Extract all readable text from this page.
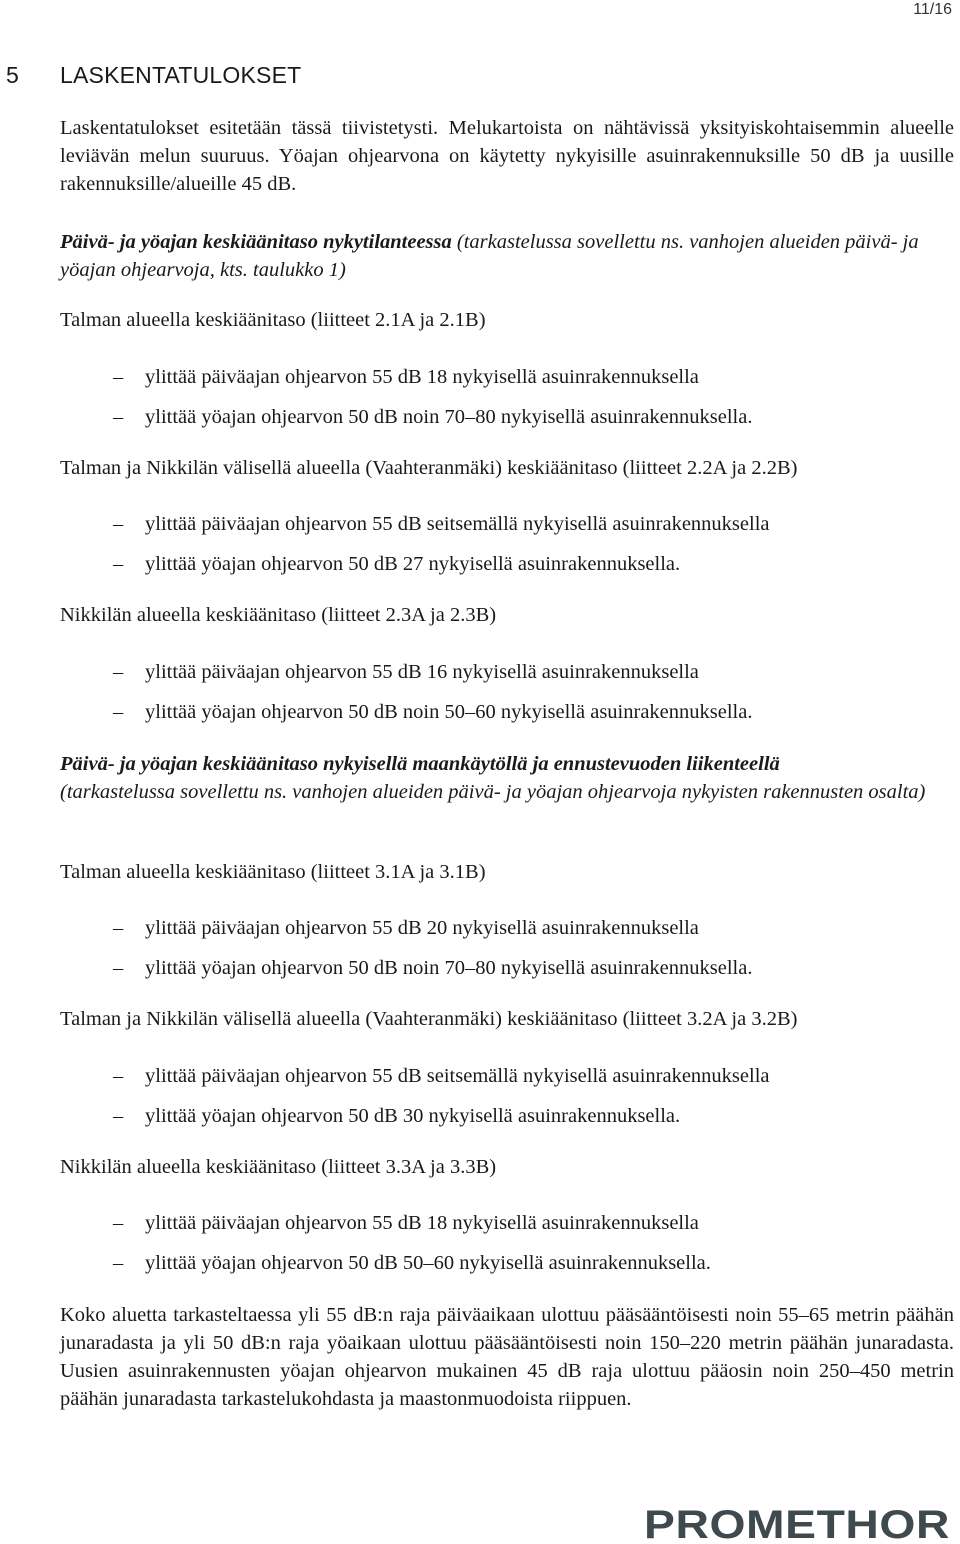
11/16
5 LASKENTATULOKSET

Laskentatulokset esitetään tässä tiivistetysti. Melukartoista on nähtävissä yksityiskohtaisemmin alueelle leviävän melun suuruus. Yöajan ohjearvona on käytetty nykyisille asuinrakennuksille 50 dB ja uusille rakennuksille/alueille 45 dB.

Päivä- ja yöajan keskiäänitaso nykytilanteessa (tarkastelussa sovellettu ns. vanhojen alueiden päivä- ja yöajan ohjearvoja, kts. taulukko 1)

Talman alueella keskiäänitaso (liitteet 2.1A ja 2.1B)

–	ylittää päiväajan ohjearvon 55 dB 18 nykyisellä asuinrakennuksella
–	ylittää yöajan ohjearvon 50 dB noin 70–80 nykyisellä asuinrakennuksella.

Talman ja Nikkilän välisellä alueella (Vaahteranmäki) keskiäänitaso (liitteet 2.2A ja 2.2B)

–	ylittää päiväajan ohjearvon 55 dB seitsemällä nykyisellä asuinrakennuksella
–	ylittää yöajan ohjearvon 50 dB 27 nykyisellä asuinrakennuksella.

Nikkilän alueella keskiäänitaso (liitteet 2.3A ja 2.3B)

–	ylittää päiväajan ohjearvon 55 dB 16 nykyisellä asuinrakennuksella
–	ylittää yöajan ohjearvon 50 dB noin 50–60 nykyisellä asuinrakennuksella.

Päivä- ja yöajan keskiäänitaso nykyisellä maankäytöllä ja ennustevuoden liikenteellä
(tarkastelussa sovellettu ns. vanhojen alueiden päivä- ja yöajan ohjearvoja nykyisten rakennusten osalta)

Talman alueella keskiäänitaso (liitteet 3.1A ja 3.1B)

–	ylittää päiväajan ohjearvon 55 dB 20 nykyisellä asuinrakennuksella
–	ylittää yöajan ohjearvon 50 dB noin 70–80 nykyisellä asuinrakennuksella.

Talman ja Nikkilän välisellä alueella (Vaahteranmäki) keskiäänitaso (liitteet 3.2A ja 3.2B)

–	ylittää päiväajan ohjearvon 55 dB seitsemällä nykyisellä asuinrakennuksella
–	ylittää yöajan ohjearvon 50 dB 30 nykyisellä asuinrakennuksella.

Nikkilän alueella keskiäänitaso (liitteet 3.3A ja 3.3B)

–	ylittää päiväajan ohjearvon 55 dB 18 nykyisellä asuinrakennuksella
–	ylittää yöajan ohjearvon 50 dB 50–60 nykyisellä asuinrakennuksella.

Koko aluetta tarkasteltaessa yli 55 dB:n raja päiväaikaan ulottuu pääsääntöisesti noin 55–65 metrin päähän junaradasta ja yli 50 dB:n raja yöaikaan ulottuu pääsääntöisesti noin 150–220 metrin päähän junaradasta. Uusien asuinrakennusten yöajan ohjearvon mukainen 45 dB raja ulottuu pääosin noin 250–450 metrin päähän junaradasta tarkastelukohdasta ja maastonmuodoista riippuen.

PROMETHOR
